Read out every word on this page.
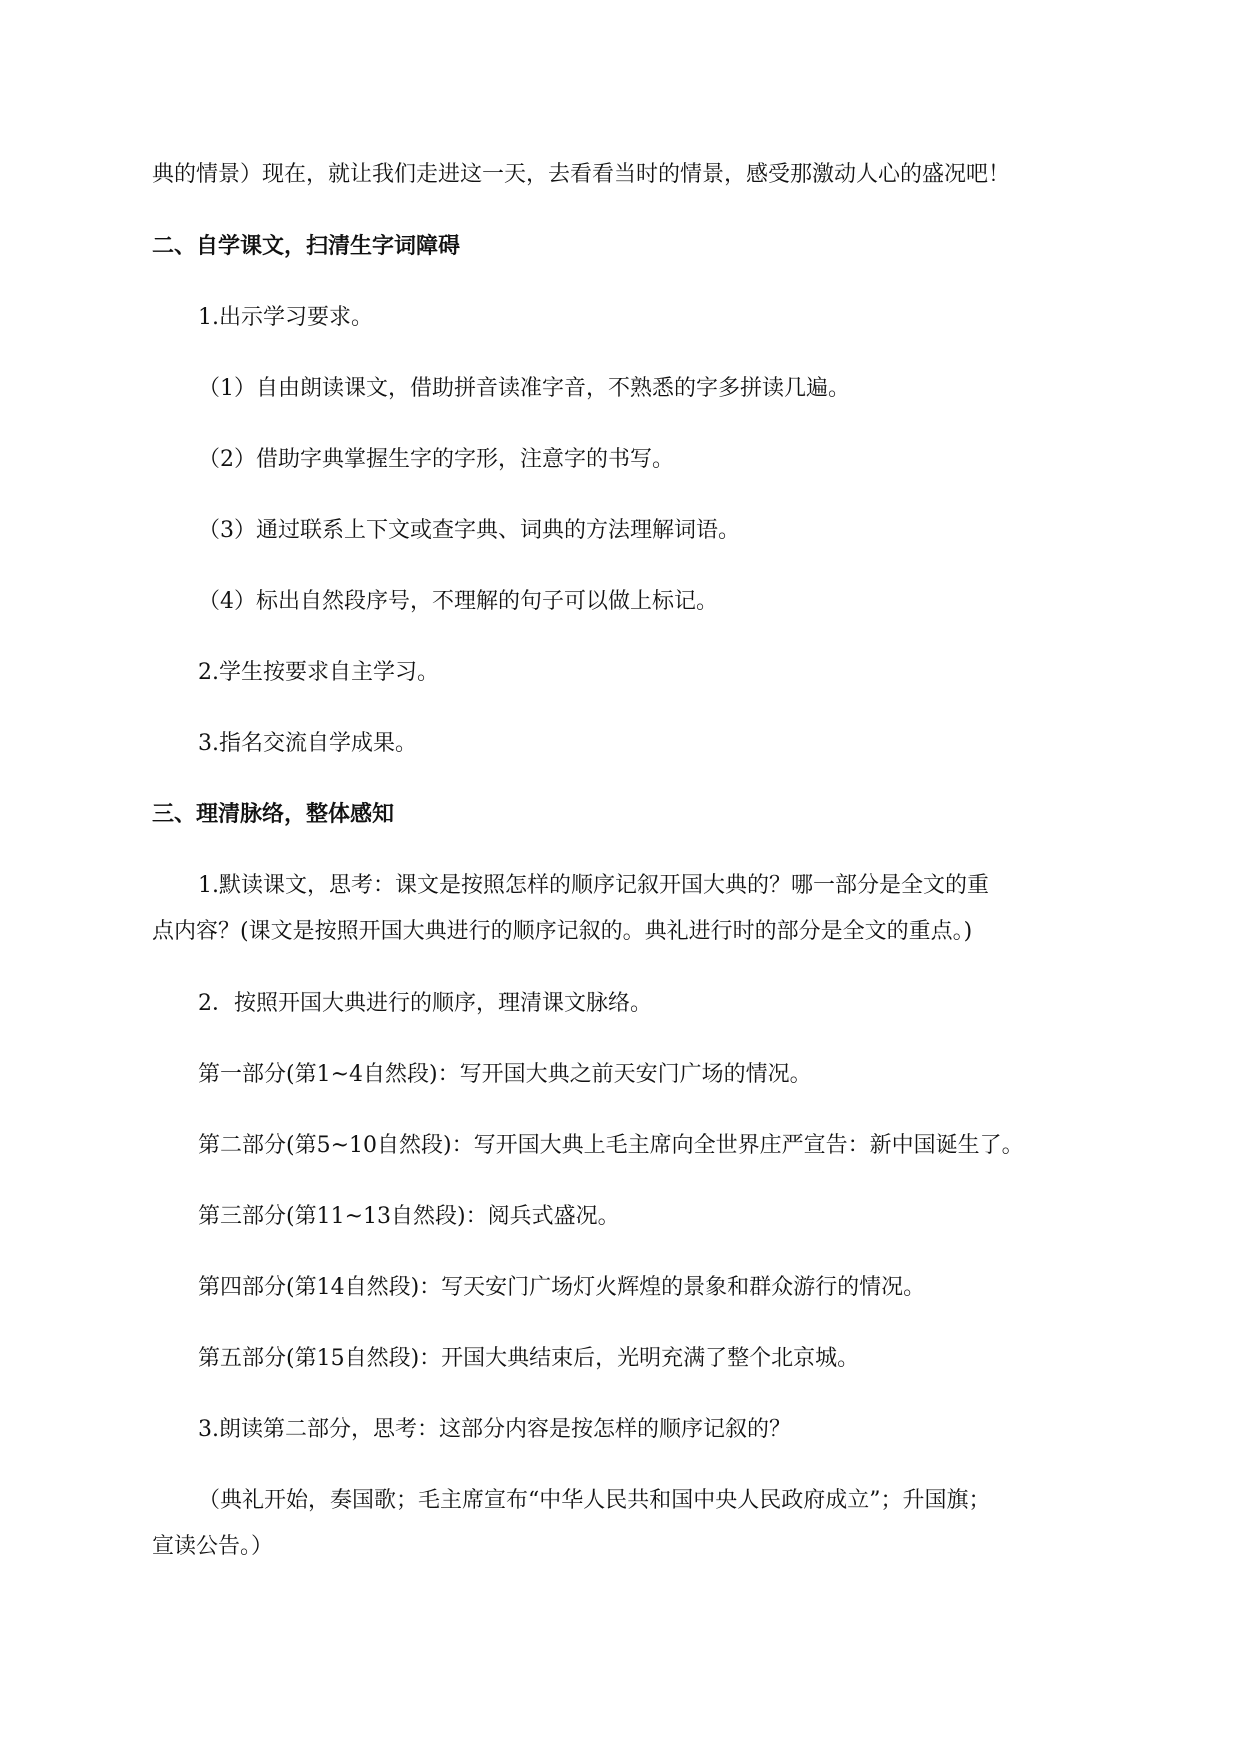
典的情景）现在，就让我们走进这一天，去看看当时的情景，感受那激动人心的盛况吧！
二、自学课文，扫清生字词障碍
1.出示学习要求。
（1）自由朗读课文，借助拼音读准字音，不熟悉的字多拼读几遍。
（2）借助字典掌握生字的字形，注意字的书写。
（3）通过联系上下文或查字典、词典的方法理解词语。
（4）标出自然段序号，不理解的句子可以做上标记。
2.学生按要求自主学习。
3.指名交流自学成果。
三、理清脉络，整体感知
1.默读课文，思考：课文是按照怎样的顺序记叙开国大典的？哪一部分是全文的重
点内容？(课文是按照开国大典进行的顺序记叙的。典礼进行时的部分是全文的重点。)
2．按照开国大典进行的顺序，理清课文脉络。
第一部分(第1~4自然段)：写开国大典之前天安门广场的情况。
第二部分(第5~10自然段)：写开国大典上毛主席向全世界庄严宣告：新中国诞生了。
第三部分(第11~13自然段)：阅兵式盛况。
第四部分(第14自然段)：写天安门广场灯火辉煌的景象和群众游行的情况。
第五部分(第15自然段)：开国大典结束后，光明充满了整个北京城。
3.朗读第二部分，思考：这部分内容是按怎样的顺序记叙的？
（典礼开始，奏国歌；毛主席宣布“中华人民共和国中央人民政府成立”；升国旗；
宣读公告。）
